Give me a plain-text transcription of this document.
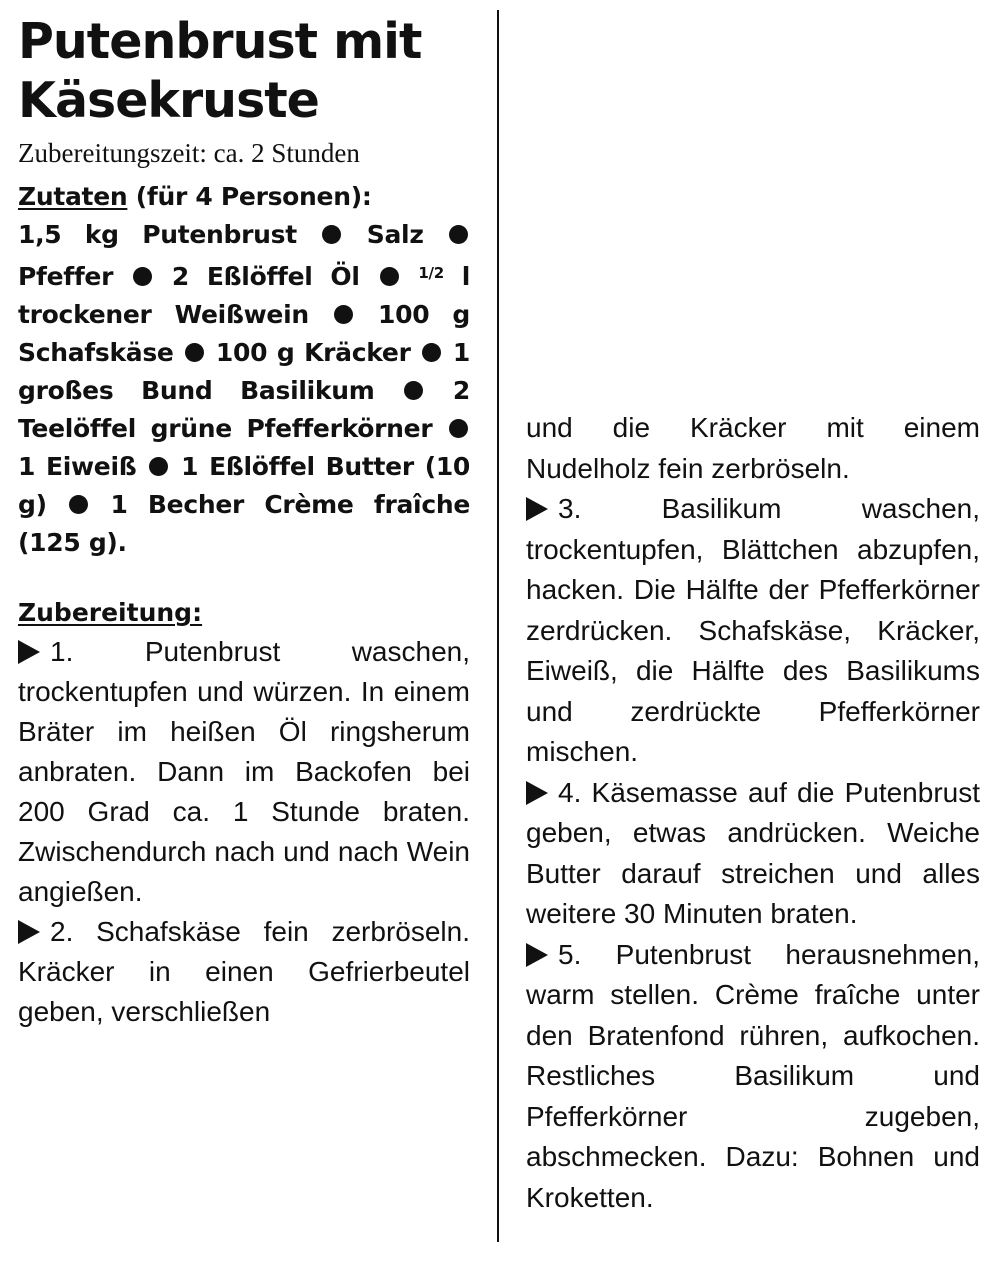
Putenbrust mit
Käsekruste

Zubereitungszeit: ca. 2 Stunden

Zutaten (für 4 Personen):
1,5 kg Putenbrust	Salz  Pfeffer 2 Eßlöffel Öl	$^{1/2}$ l trockener Weißwein	100 g Schafskäse 100 g Kräcker 1 großes Bund Basilikum	2 Teelöffel grüne Pfefferkörner  1 Eiweiß 1 Eßlöffel Butter (10 g)	1 Becher Crème fraîche (125 g).

Zubereitung:

1. Putenbrust waschen, trockentupfen und würzen. In einem Bräter im heißen Öl ringsherum anbraten. Dann im Backofen bei 200 Grad ca. 1 Stunde braten. Zwischendurch nach und nach Wein angießen.

2. Schafskäse fein zerbröseln. Kräcker in einen Gefrierbeutel geben, verschließen

und die Kräcker mit einem Nudelholz fein zerbröseln.

3. Basilikum waschen, trockentupfen, Blättchen abzupfen, hacken. Die Hälfte der Pfefferkörner zerdrücken. Schafskäse, Kräcker, Eiweiß, die Hälfte des Basilikums und zerdrückte Pfefferkörner mischen.

4. Käsemasse auf die Putenbrust geben, etwas andrücken. Weiche Butter darauf streichen und alles weitere 30 Minuten braten.

5. Putenbrust herausnehmen, warm stellen. Crème fraîche unter den Bratenfond rühren, aufkochen. Restliches Basilikum und Pfefferkörner zugeben, abschmecken. Dazu: Bohnen und Kroketten.
